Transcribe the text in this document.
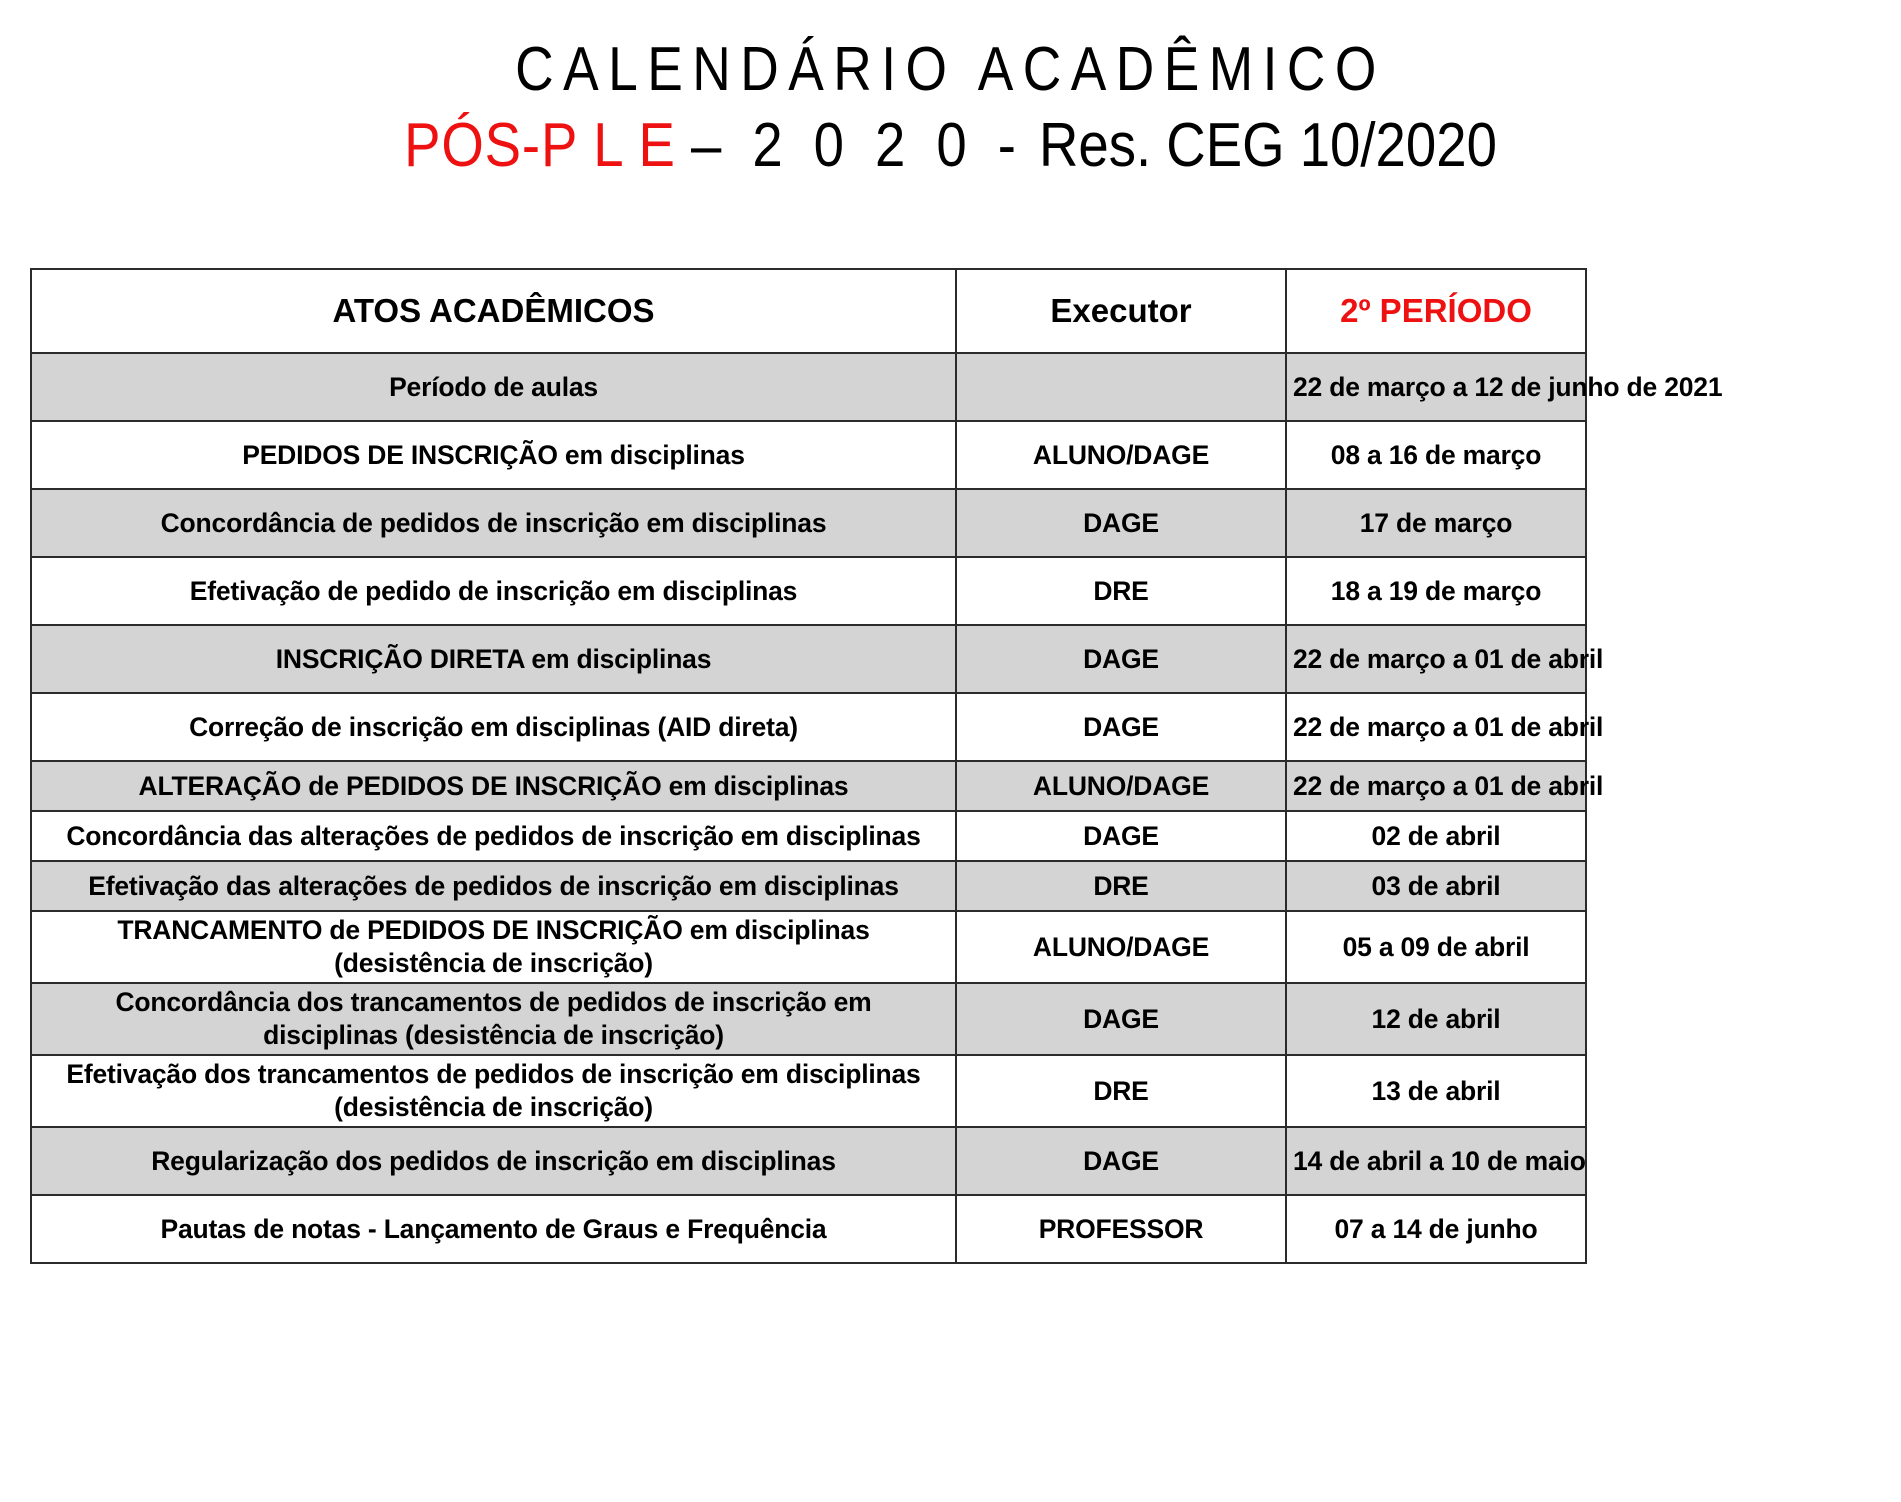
CALENDÁRIO ACADÊMICO
PÓS-P L E – 2 0 2 0 - Res. CEG 10/2020
ATOS ACADÊMICOS	Executor	2º PERÍODO
Período de aulas		22 de março a 12 de junho de 2021
PEDIDOS DE INSCRIÇÃO em disciplinas	ALUNO/DAGE	08 a 16 de março
Concordância de pedidos de inscrição em disciplinas	DAGE	17 de março
Efetivação de pedido de inscrição em disciplinas	DRE	18 a 19 de março
INSCRIÇÃO DIRETA em disciplinas	DAGE	22 de março a 01 de abril
Correção de inscrição em disciplinas (AID direta)	DAGE	22 de março a 01 de abril
ALTERAÇÃO de PEDIDOS DE INSCRIÇÃO em disciplinas	ALUNO/DAGE	22 de março a 01 de abril
Concordância das alterações de pedidos de inscrição em disciplinas	DAGE	02 de abril
Efetivação das alterações de pedidos de inscrição em disciplinas	DRE	03 de abril
TRANCAMENTO de PEDIDOS DE INSCRIÇÃO em disciplinas (desistência de inscrição)	ALUNO/DAGE	05 a 09 de abril
Concordância dos trancamentos de pedidos de inscrição em disciplinas (desistência de inscrição)	DAGE	12 de abril
Efetivação dos trancamentos de pedidos de inscrição em disciplinas (desistência de inscrição)	DRE	13 de abril
Regularização dos pedidos de inscrição em disciplinas	DAGE	14 de abril a 10 de maio
Pautas de notas - Lançamento de Graus e Frequência	PROFESSOR	07 a 14 de junho
